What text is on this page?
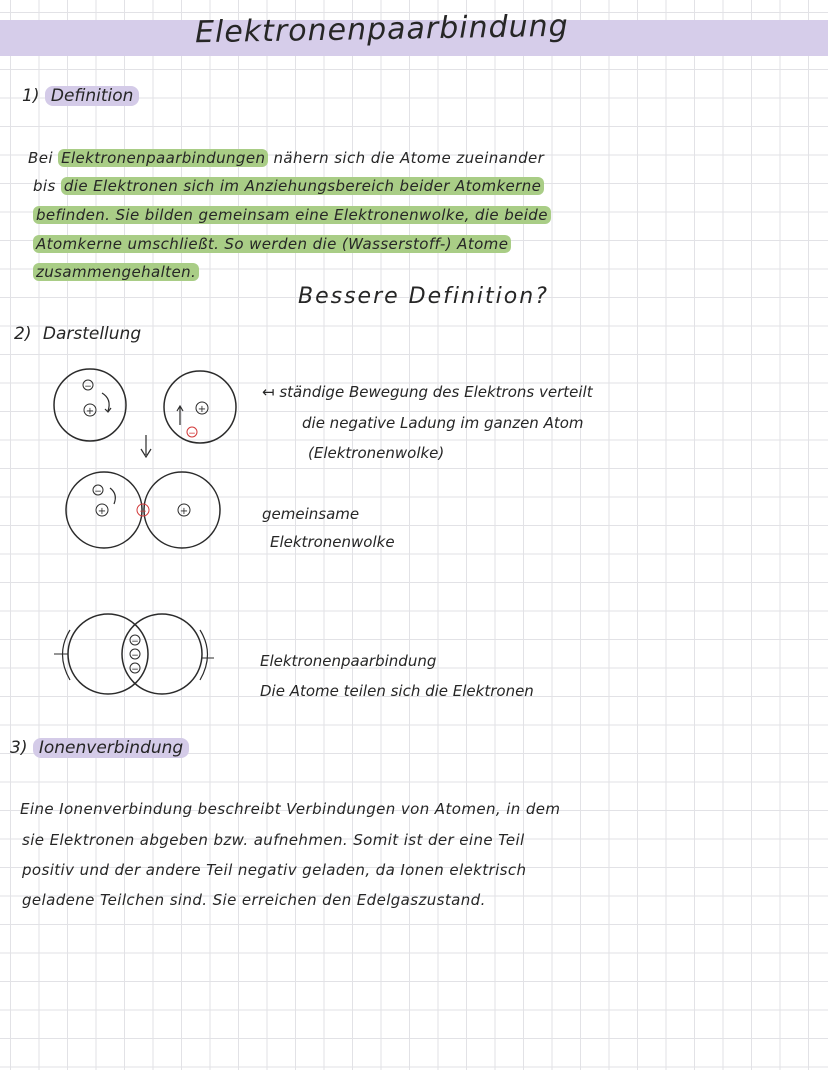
Elektronenpaarbindung
1) Definition
Bei Elektronenpaarbindungen nähern sich die Atome zueinander
bis die Elektronen sich im Anziehungsbereich beider Atomkerne
befinden. Sie bilden gemeinsam eine Elektronenwolke, die beide
Atomkerne umschließt. So werden die (Wasserstoff-) Atome
zusammengehalten.
Bessere Definition?
2) Darstellung
−
+	+
−
−
+	−	+
−
−
−
↤ ständige Bewegung des Elektrons verteilt
die negative Ladung im ganzen Atom
(Elektronenwolke)
gemeinsame
Elektronenwolke
Elektronenpaarbindung
Die Atome teilen sich die Elektronen
3) Ionenverbindung
Eine Ionenverbindung beschreibt Verbindungen von Atomen, in dem
sie Elektronen abgeben bzw. aufnehmen. Somit ist der eine Teil
positiv und der andere Teil negativ geladen, da Ionen elektrisch
geladene Teilchen sind. Sie erreichen den Edelgaszustand.
